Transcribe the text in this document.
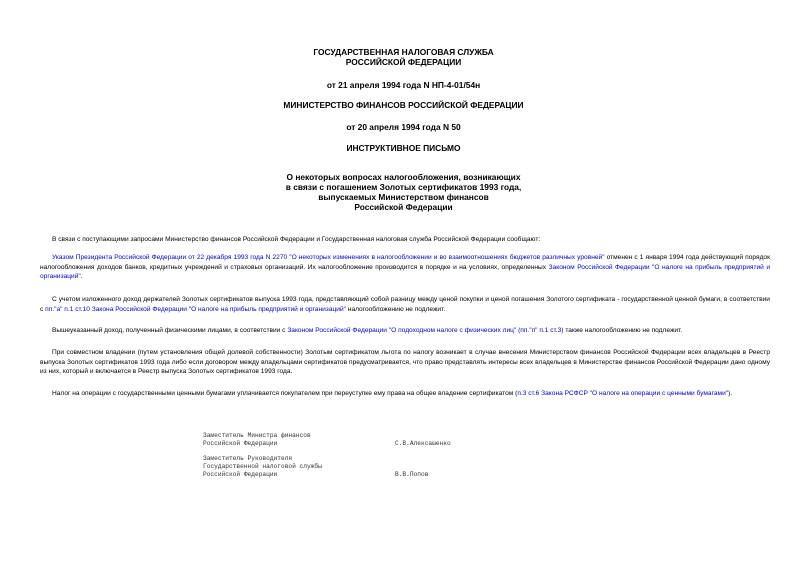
ГОСУДАРСТВЕННАЯ НАЛОГОВАЯ СЛУЖБА
РОССИЙСКОЙ ФЕДЕРАЦИИ
от 21 апреля 1994 года N НП-4-01/54н
МИНИСТЕРСТВО ФИНАНСОВ РОССИЙСКОЙ ФЕДЕРАЦИИ
от 20 апреля 1994 года N 50
ИНСТРУКТИВНОЕ ПИСЬМО
О некоторых вопросах налогообложения, возникающих
в связи с погашением Золотых сертификатов 1993 года,
выпускаемых Министерством финансов
Российской Федерации

В связи с поступающими запросами Министерство финансов Российской Федерации и Государственная налоговая служба Российской Федерации сообщают:

Указом Президента Российской Федерации от 22 декабря 1993 года N 2270 "О некоторых изменениях в налогообложении и во взаимоотношениях бюджетов различных уровней" отменен с 1 января 1994 года действующий порядок налогообложения доходов банков, кредитных учреждений и страховых организаций. Их налогообложение производится в порядке и на условиях, определенных Законом Российской Федерации "О налоге на прибыль предприятий и организаций".

С учетом изложенного доход держателей Золотых сертификатов выпуска 1993 года, представляющий собой разницу между ценой покупки и ценой погашения Золотого сертификата - государственной ценной бумаги, в соответствии с пп."а" п.1 ст.10 Закона Российской Федерации "О налоге на прибыль предприятий и организаций" налогообложению не подлежит.

Вышеуказанный доход, полученный физическими лицами, в соответствии с Законом Российской Федерации "О подоходном налоге с физических лиц" (пп."п" п.1 ст.3) также налогообложению не подлежит.

При совместном владении (путем установления общей долевой собственности) Золотым сертификатом льгота по налогу возникает в случае внесения Министерством финансов Российской Федерации всех владельцев в Реестр выпуска Золотых сертификатов 1993 года либо если договором между владельцами сертификатов предусматривается, что право представлять интересы всех владельцев в Министерстве финансов Российской Федерации дано одному из них, который и включается в Реестр выпуска Золотых сертификатов 1993 года.

Налог на операции с государственными ценными бумагами уплачивается покупателем при переуступке ему права на общее владение сертификатом (п.3 ст.6 Закона РСФСР "О налоге на операции с ценными бумагами").

Заместитель Министра финансов
Российской Федерации	С.В.Алексашенко
Заместитель Руководителя
Государственной налоговой службы
Российской Федерации	В.В.Попов
